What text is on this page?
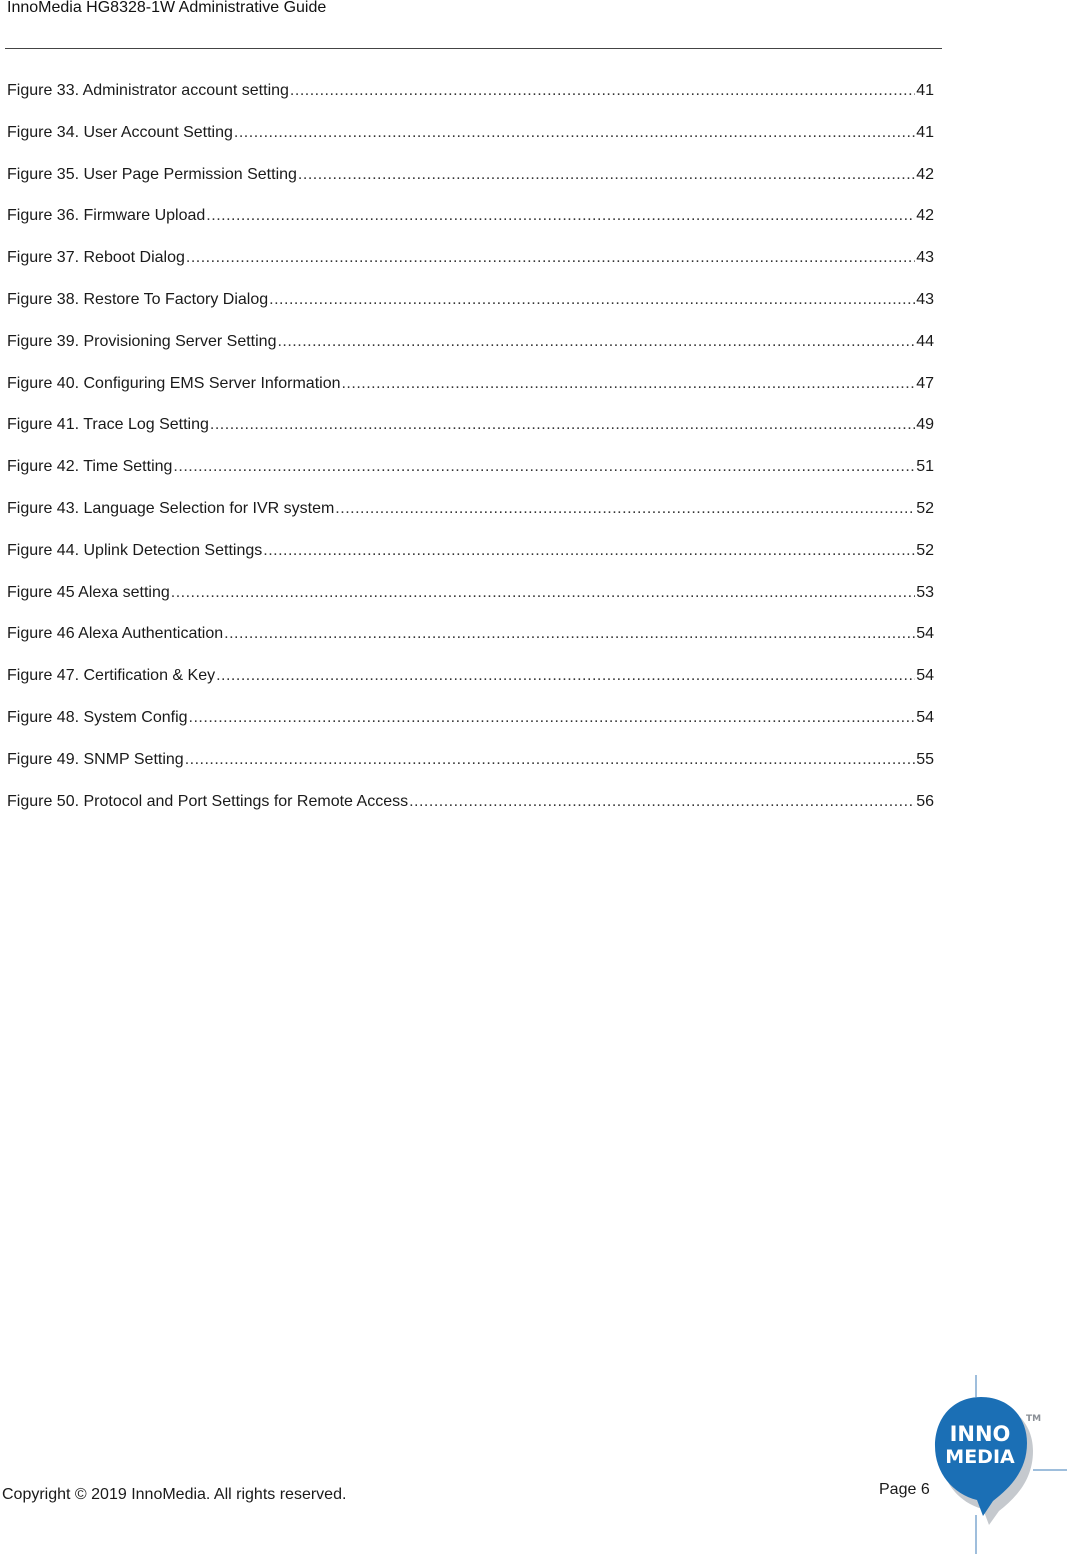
InnoMedia HG8328-1W Administrative Guide
Figure 33. Administrator account setting .....	41
Figure 34. User Account Setting .....	41
Figure 35. User Page Permission Setting .....	42
Figure 36. Firmware Upload .....	42
Figure 37. Reboot Dialog .....	43
Figure 38. Restore To Factory Dialog .....	43
Figure 39. Provisioning Server Setting .....	44
Figure 40. Configuring EMS Server Information .....	47
Figure 41. Trace Log Setting .....	49
Figure 42. Time Setting .....	51
Figure 43. Language Selection for IVR system .....	52
Figure 44. Uplink Detection Settings .....	52
Figure 45 Alexa setting .....	53
Figure 46 Alexa Authentication .....	54
Figure 47. Certification & Key .....	54
Figure 48. System Config .....	54
Figure 49. SNMP Setting .....	55
Figure 50. Protocol and Port Settings for Remote Access .....	56
Copyright © 2019 InnoMedia. All rights reserved.	Page 6
INNO
MEDIA
TM
